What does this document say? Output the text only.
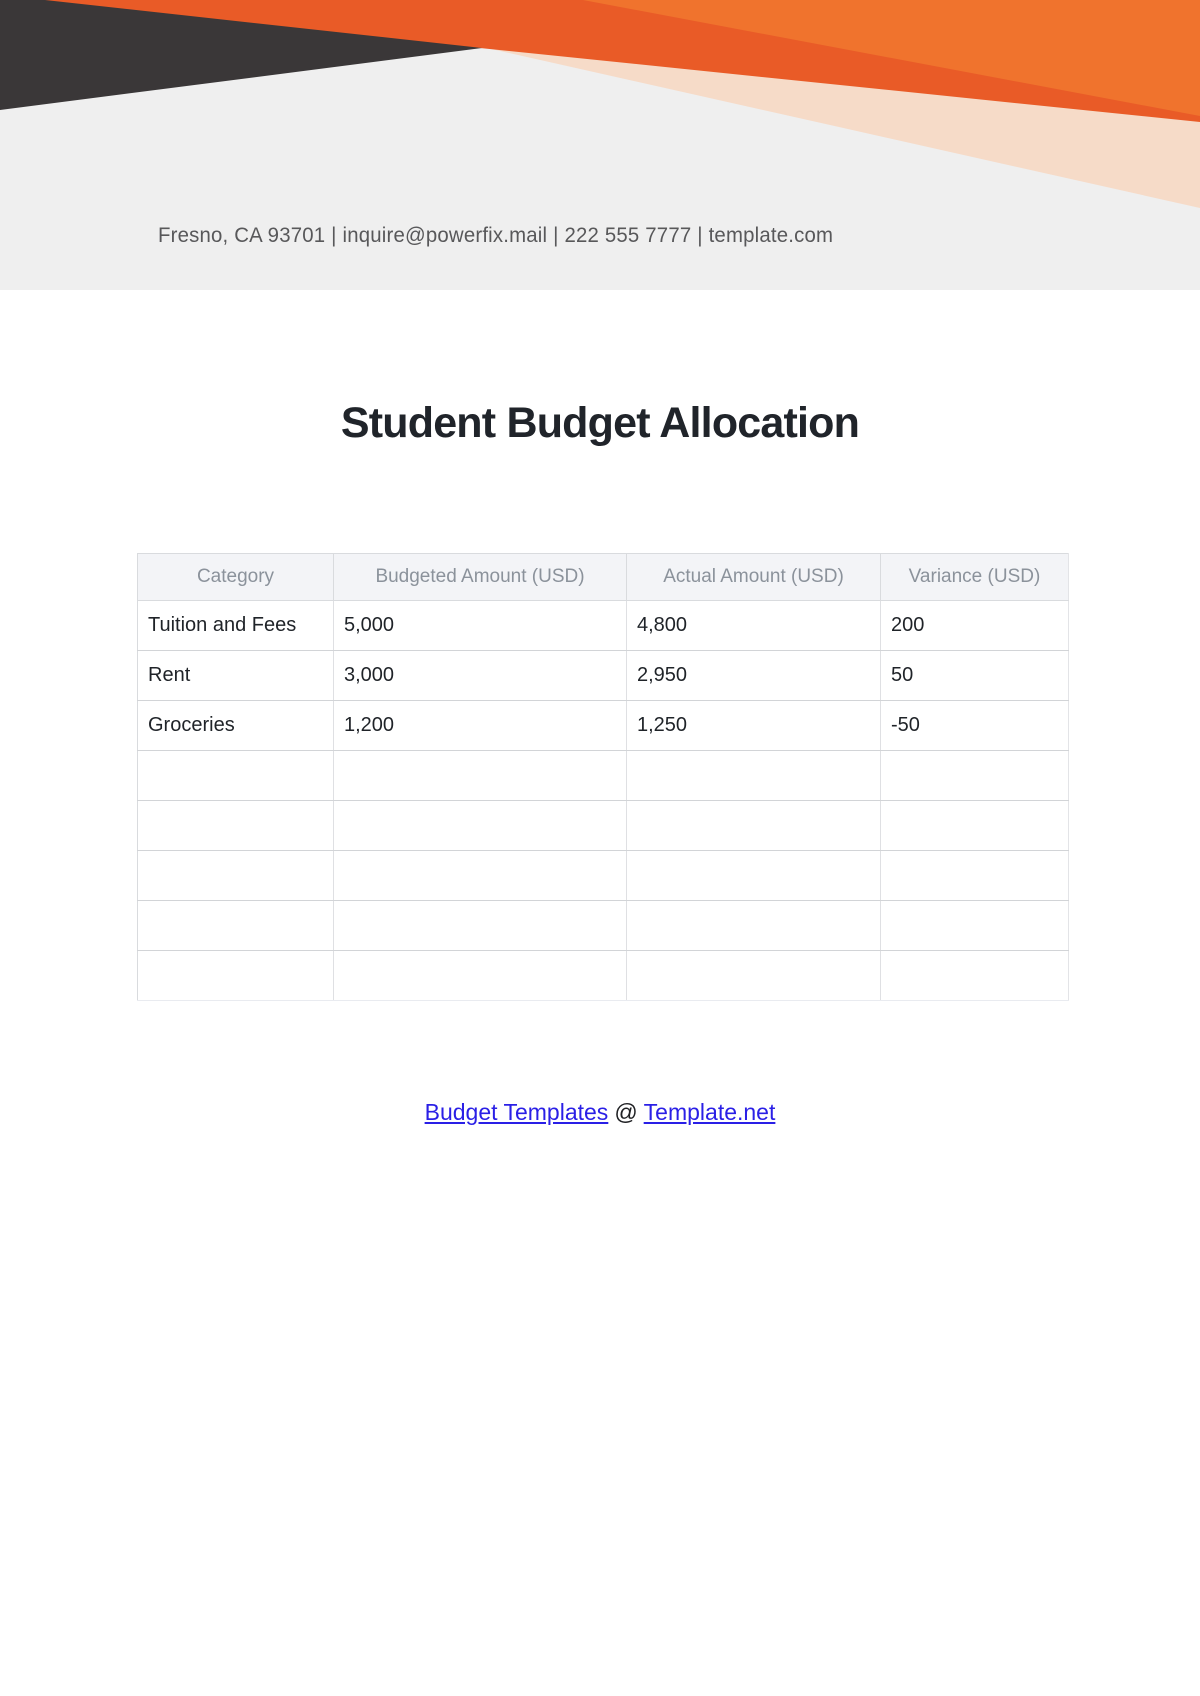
Fresno, CA 93701 | inquire@powerfix.mail | 222 555 7777 | template.com
Student Budget Allocation
Category	Budgeted Amount (USD)	Actual Amount (USD)	Variance (USD)
Tuition and Fees	5,000	4,800	200
Rent	3,000	2,950	50
Groceries	1,200	1,250	-50

Budget Templates @ Template.net
